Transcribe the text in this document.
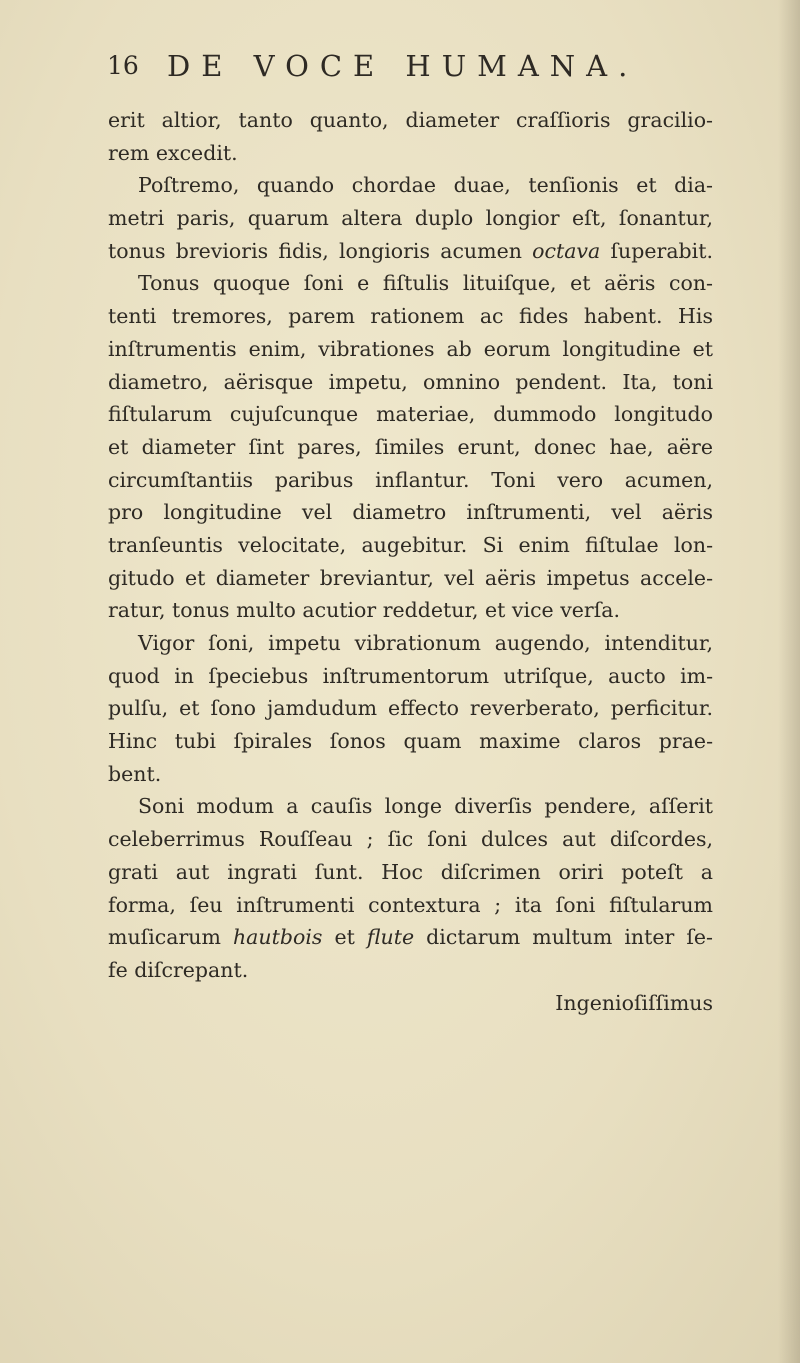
16 DE VOCE HUMANA.
erit altior, tanto quanto, diameter craſſioris gracilio-
rem excedit.
Poſtremo, quando chordae duae, tenſionis et dia-
metri paris, quarum altera duplo longior eſt, ſonantur,
tonus brevioris fidis, longioris acumen octava ſuperabit.
Tonus quoque ſoni e fiſtulis lituiſque, et aëris con-
tenti tremores, parem rationem ac fides habent. His
inſtrumentis enim, vibrationes ab eorum longitudine et
diametro, aërisque impetu, omnino pendent. Ita, toni
fiſtularum cujuſcunque materiae, dummodo longitudo
et diameter ſint pares, ſimiles erunt, donec hae, aëre
circumſtantiis paribus inflantur. Toni vero acumen,
pro longitudine vel diametro inſtrumenti, vel aëris
tranſeuntis velocitate, augebitur. Si enim fiſtulae lon-
gitudo et diameter breviantur, vel aëris impetus accele-
ratur, tonus multo acutior reddetur, et vice verſa.
Vigor ſoni, impetu vibrationum augendo, intenditur,
quod in ſpeciebus inſtrumentorum utriſque, aucto im-
pulſu, et ſono jamdudum effecto reverberato, perficitur.
Hinc tubi ſpirales ſonos quam maxime claros prae-
bent.
Soni modum a cauſis longe diverſis pendere, aſſerit
celeberrimus Rouſſeau ; ſic ſoni dulces aut diſcordes,
grati aut ingrati ſunt. Hoc diſcrimen oriri poteſt a
forma, ſeu inſtrumenti contextura ; ita ſoni fiſtularum
muſicarum hautbois et flute dictarum multum inter ſe-
fe diſcrepant.
Ingenioſiſſimus
